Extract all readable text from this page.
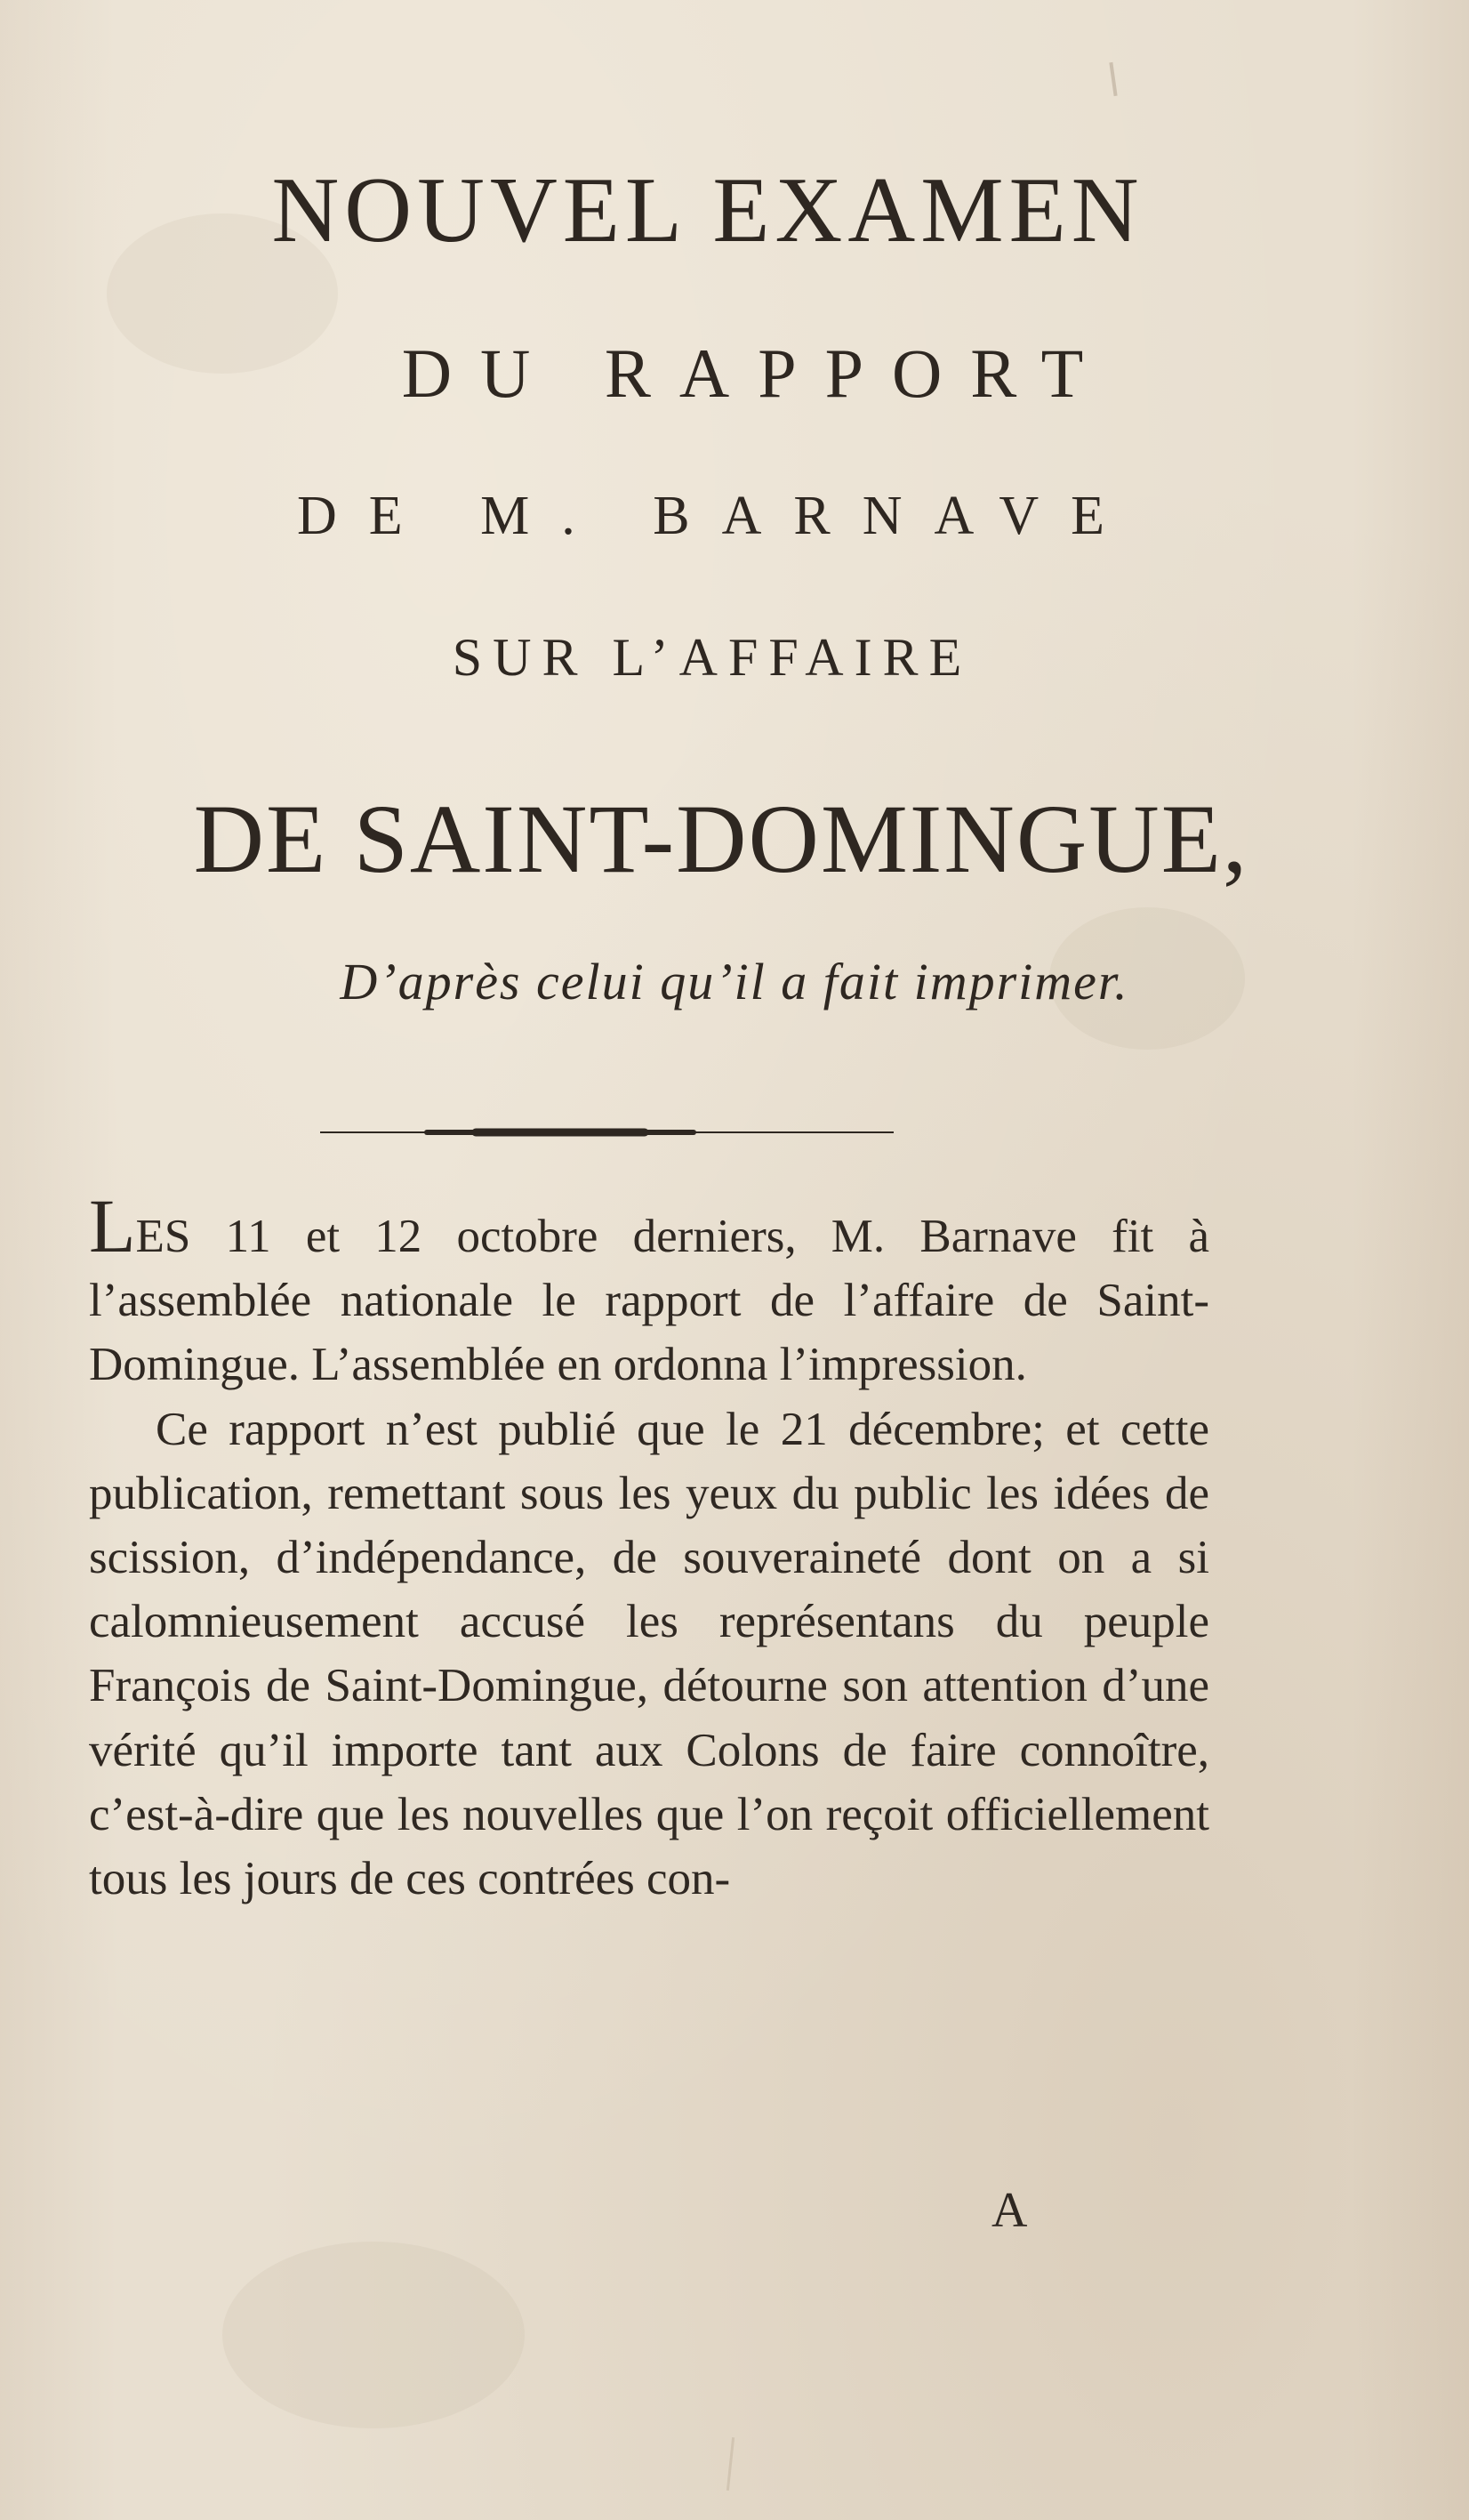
NOUVEL EXAMEN
DU RAPPORT
DE M. BARNAVE
SUR L’AFFAIRE
DE SAINT-DOMINGUE,
D’après celui qu’il a fait imprimer.

LES 11 et 12 octobre derniers, M. Barnave fit à l’assemblée nationale le rapport de l’affaire de Saint-Domingue. L’assemblée en ordonna l’impression.

Ce rapport n’est publié que le 21 décembre; et cette publication, remettant sous les yeux du public les idées de scission, d’indépendance, de souveraineté dont on a si calomnieusement accusé les représentans du peuple François de Saint-Domingue, détourne son attention d’une vérité qu’il importe tant aux Colons de faire connoître, c’est-à-dire que les nouvelles que l’on reçoit officiellement tous les jours de ces contrées con-

A
